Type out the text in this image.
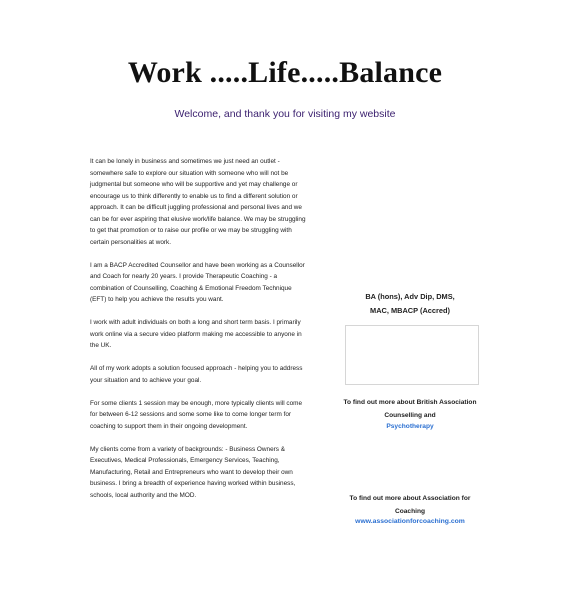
Work .....Life.....Balance
Welcome, and thank you for visiting my website

It can be lonely in business and sometimes we just need an outlet - somewhere safe to explore our situation with someone who will not be judgmental but someone who will be supportive and yet may challenge or encourage us to think differently to enable us to find a different solution or approach. It can be difficult juggling professional and personal lives and we can be for ever aspiring that elusive work/life balance. We may be struggling to get that promotion or to raise our profile or we may be struggling with certain personalities at work.

I am a BACP Accredited Counsellor and have been working as a Counsellor and Coach for nearly 20 years. I provide Therapeutic Coaching - a combination of Counselling, Coaching & Emotional Freedom Technique (EFT) to help you achieve the results you want.

I work with adult individuals on both a long and short term basis. I primarily work online via a secure video platform making me accessible to anyone in the UK.

All of my work adopts a solution focused approach - helping you to address your situation and to achieve your goal.

For some clients 1 session may be enough, more typically clients will come for between 6-12 sessions and some some like to come longer term for coaching to support them in their ongoing development.

My clients come from a variety of backgrounds: - Business Owners & Executives, Medical Professionals, Emergency Services, Teaching, Manufacturing, Retail and Entrepreneurs who want to develop their own business. I bring a breadth of experience having worked within business, schools, local authority and the MOD.

BA (hons), Adv Dip, DMS,
MAC, MBACP (Accred)
To find out more about British Association Counselling and
Psychotherapy
To find out more about Association for Coaching
www.associationforcoaching.com
